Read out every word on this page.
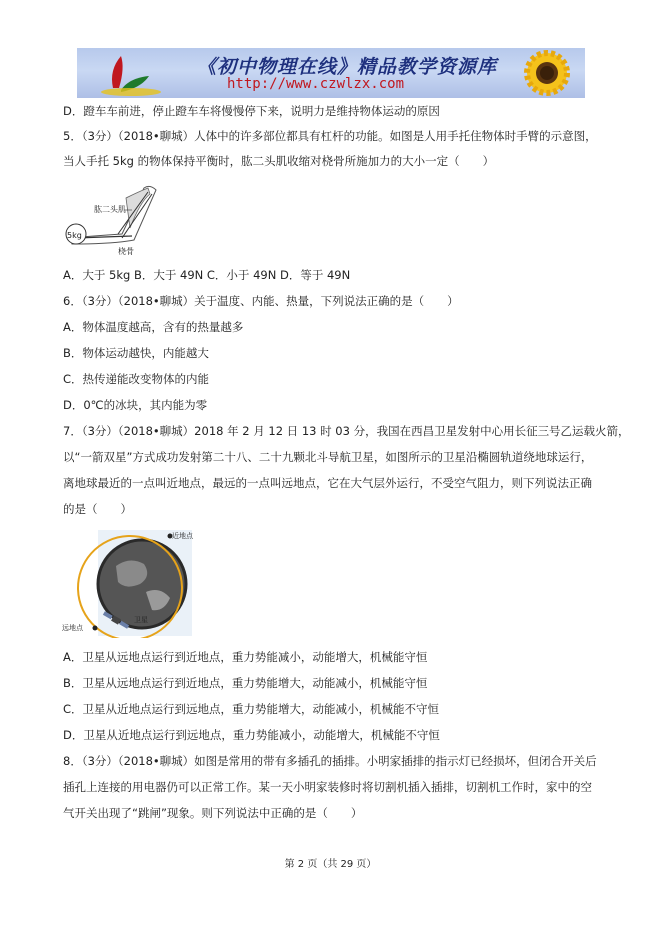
《初中物理在线》精品教学资源库
http://www.czwlzx.com
D．蹬车车前进，停止蹬车车将慢慢停下来，说明力是维持物体运动的原因
5．（3分）（2018•聊城）人体中的许多部位都具有杠杆的功能。如图是人用手托住物体时手臂的示意图，
当人手托 5kg 的物体保持平衡时，肱二头肌收缩对桡骨所施加力的大小一定（　　）
5kg
肱二头肌
桡骨
A．大于 5kg B．大于 49N C．小于 49N D．等于 49N
6．（3分）（2018•聊城）关于温度、内能、热量，下列说法正确的是（　　）
A．物体温度越高，含有的热量越多
B．物体运动越快，内能越大
C．热传递能改变物体的内能
D．0℃的冰块，其内能为零
7．（3分）（2018•聊城）2018 年 2 月 12 日 13 时 03 分，我国在西昌卫星发射中心用长征三号乙运载火箭，
以“一箭双星”方式成功发射第二十八、二十九颗北斗导航卫星，如图所示的卫星沿椭圆轨道绕地球运行，
离地球最近的一点叫近地点，最远的一点叫远地点，它在大气层外运行，不受空气阻力，则下列说法正确
的是（　　）
近地点
远地点
卫星
A．卫星从远地点运行到近地点，重力势能减小，动能增大，机械能守恒
B．卫星从远地点运行到近地点，重力势能增大，动能减小，机械能守恒
C．卫星从近地点运行到远地点，重力势能增大，动能减小，机械能不守恒
D．卫星从近地点运行到远地点，重力势能减小，动能增大，机械能不守恒
8．（3分）（2018•聊城）如图是常用的带有多插孔的插排。小明家插排的指示灯已经损坏，但闭合开关后
插孔上连接的用电器仍可以正常工作。某一天小明家装修时将切割机插入插排，切割机工作时，家中的空
气开关出现了“跳闸”现象。则下列说法中正确的是（　　）
第 2 页（共 29 页）
